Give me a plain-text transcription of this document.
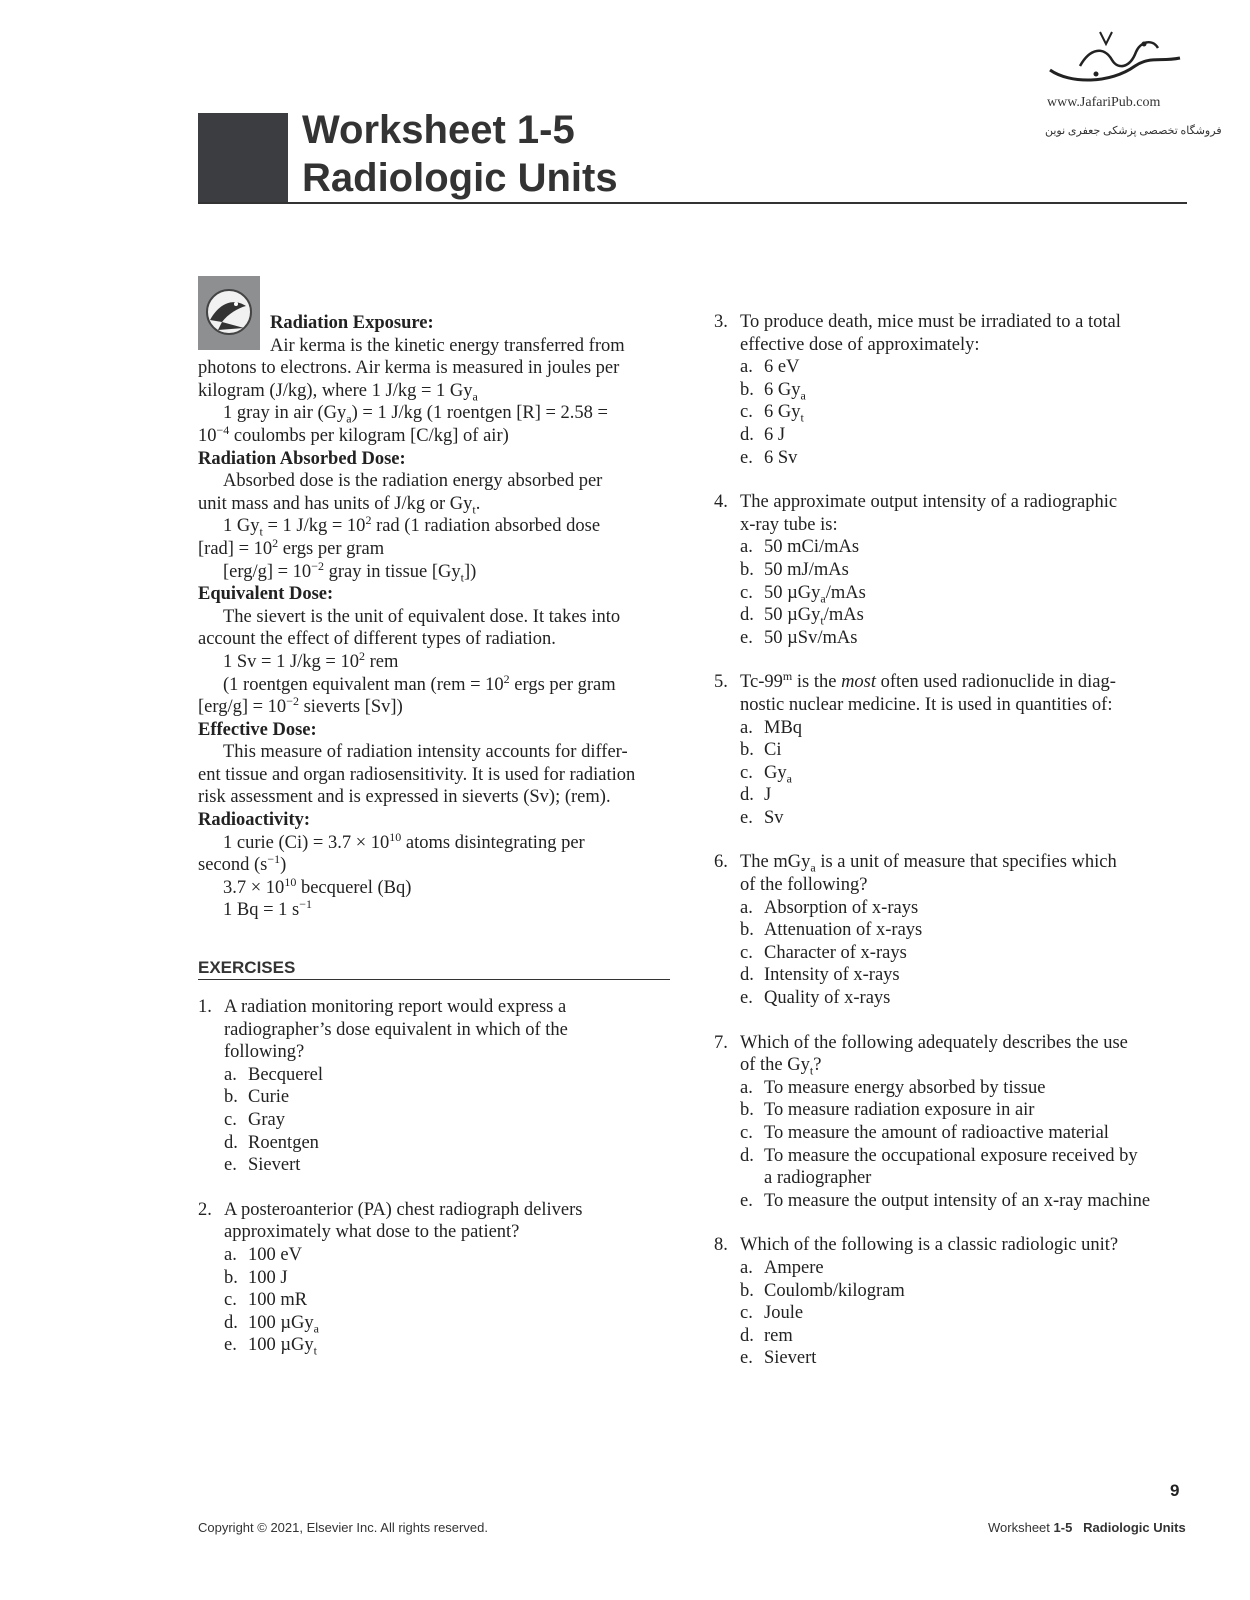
www.JafariPub.com
فروشگاه تخصصی پزشکی جعفری نوین
Worksheet 1-5
Radiologic Units
Radiation Exposure:
Air kerma is the kinetic energy transferred from
photons to electrons. Air kerma is measured in joules per
kilogram (J/kg), where 1 J/kg = 1 $Gy_a$
1 gray in air $(Gy_a) = 1$ J/kg (1 roentgen [R] = 2.58 =
$10^{-4}$ coulombs per kilogram [C/kg] of air)
Radiation Absorbed Dose:
Absorbed dose is the radiation energy absorbed per
unit mass and has units of J/kg or $Gy_t$.
1 $Gy_t = 1$ $J/kg = 10^2$ rad (1 radiation absorbed dose
$[rad] = 10^2$ ergs per gram
$[erg/g] = 10^{-2}$ gray in tissue $[Gy_t]$)
Equivalent Dose:
The sievert is the unit of equivalent dose. It takes into
account the effect of different types of radiation.
1 Sv = 1 $J/kg = 10^2$ rem
(1 roentgen equivalent man ($rem = 10^2$ ergs per gram
$[erg/g] = 10^{-2}$ sieverts [Sv])
Effective Dose:
This measure of radiation intensity accounts for differ-
ent tissue and organ radiosensitivity. It is used for radiation
risk assessment and is expressed in sieverts (Sv); (rem).
Radioactivity:
1 curie $(Ci) = 3.7 \times 10^{10}$ atoms disintegrating per
second $(s^{-1})$
$3.7 \times 10^{10}$ becquerel (Bq)
1 Bq = 1 $s^{-1}$
EXERCISES
1. A radiation monitoring report would express a
radiographer’s dose equivalent in which of the
following?
a. Becquerel
b. Curie
c. Gray
d. Roentgen
e. Sievert
2. A posteroanterior (PA) chest radiograph delivers
approximately what dose to the patient?
a. 100 eV
b. 100 J
c. 100 mR
d. 100 µGy$_a$
e. 100 µGy$_t$
3. To produce death, mice must be irradiated to a total
effective dose of approximately:
a. 6 eV
b. 6 $Gy_a$
c. 6 $Gy_t$
d. 6 J
e. 6 Sv
4. The approximate output intensity of a radiographic
x-ray tube is:
a. 50 mCi/mAs
b. 50 mJ/mAs
c. 50 µGy$_a$/mAs
d. 50 µGy$_t$/mAs
e. 50 µSv/mAs
5. Tc-99$^m$ is the most often used radionuclide in diag-
nostic nuclear medicine. It is used in quantities of:
a. MBq
b. Ci
c. $Gy_a$
d. J
e. Sv
6. The mGy$_a$ is a unit of measure that specifies which
of the following?
a. Absorption of x-rays
b. Attenuation of x-rays
c. Character of x-rays
d. Intensity of x-rays
e. Quality of x-rays
7. Which of the following adequately describes the use
of the $Gy_t$?
a. To measure energy absorbed by tissue
b. To measure radiation exposure in air
c. To measure the amount of radioactive material
d. To measure the occupational exposure received by
a radiographer
e. To measure the output intensity of an x-ray machine
8. Which of the following is a classic radiologic unit?
a. Ampere
b. Coulomb/kilogram
c. Joule
d. rem
e. Sievert
9
Copyright © 2021, Elsevier Inc. All rights reserved.	Worksheet 1-5 Radiologic Units
